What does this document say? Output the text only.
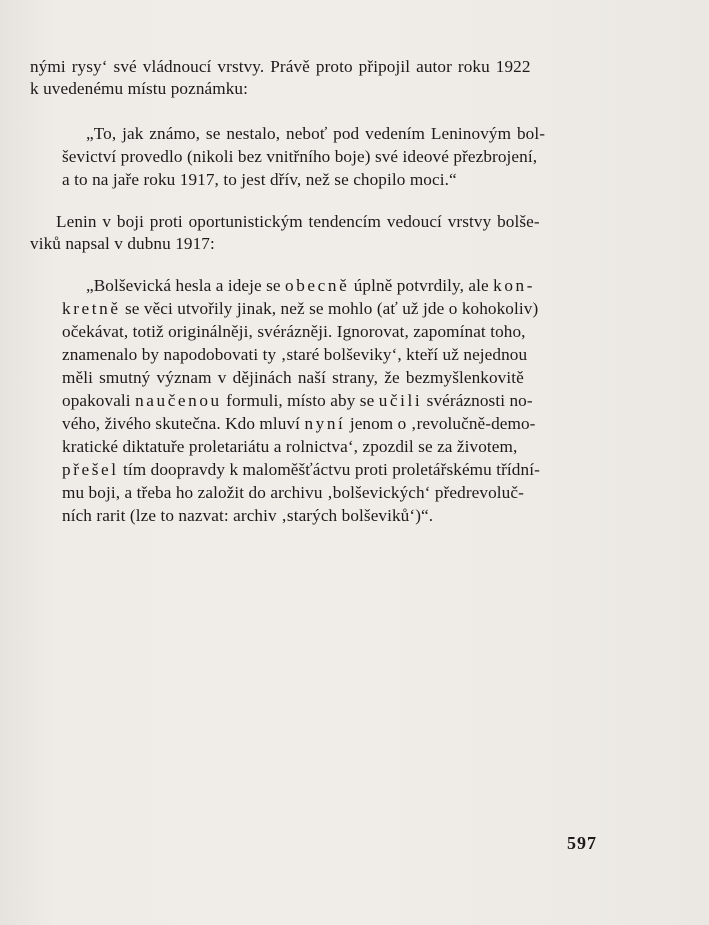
nými rysy‘ své vládnoucí vrstvy. Právě proto připojil autor roku 1922
k uvedenému místu poznámku:
„To, jak známo, se nestalo, neboť pod vedením Leninovým bol-
ševictví provedlo (nikoli bez vnitřního boje) své ideové přezbrojení,
a to na jaře roku 1917, to jest dřív, než se chopilo moci.“
Lenin v boji proti oportunistickým tendencím vedoucí vrstvy bolše-
viků napsal v dubnu 1917:
„Bolševická hesla a ideje se obecně úplně potvrdily, ale kon-
kretně se věci utvořily jinak, než se mohlo (ať už jde o kohokoliv)
očekávat, totiž originálněji, svérázněji. Ignorovat, zapomínat toho,
znamenalo by napodobovati ty ‚staré bolševiky‘, kteří už nejednou
měli smutný význam v dějinách naší strany, že bezmyšlenkovitě
opakovali naučenou formuli, místo aby se učili svéráznosti no-
vého, živého skutečna. Kdo mluví nyní jenom o ‚revolučně-demo-
kratické diktatuře proletariátu a rolnictva‘, zpozdil se za životem,
přešel tím doopravdy k maloměšťáctvu proti proletářskému třídní-
mu boji, a třeba ho založit do archivu ‚bolševických‘ předrevoluč-
ních rarit (lze to nazvat: archiv ‚starých bolševiků‘)“.
597
